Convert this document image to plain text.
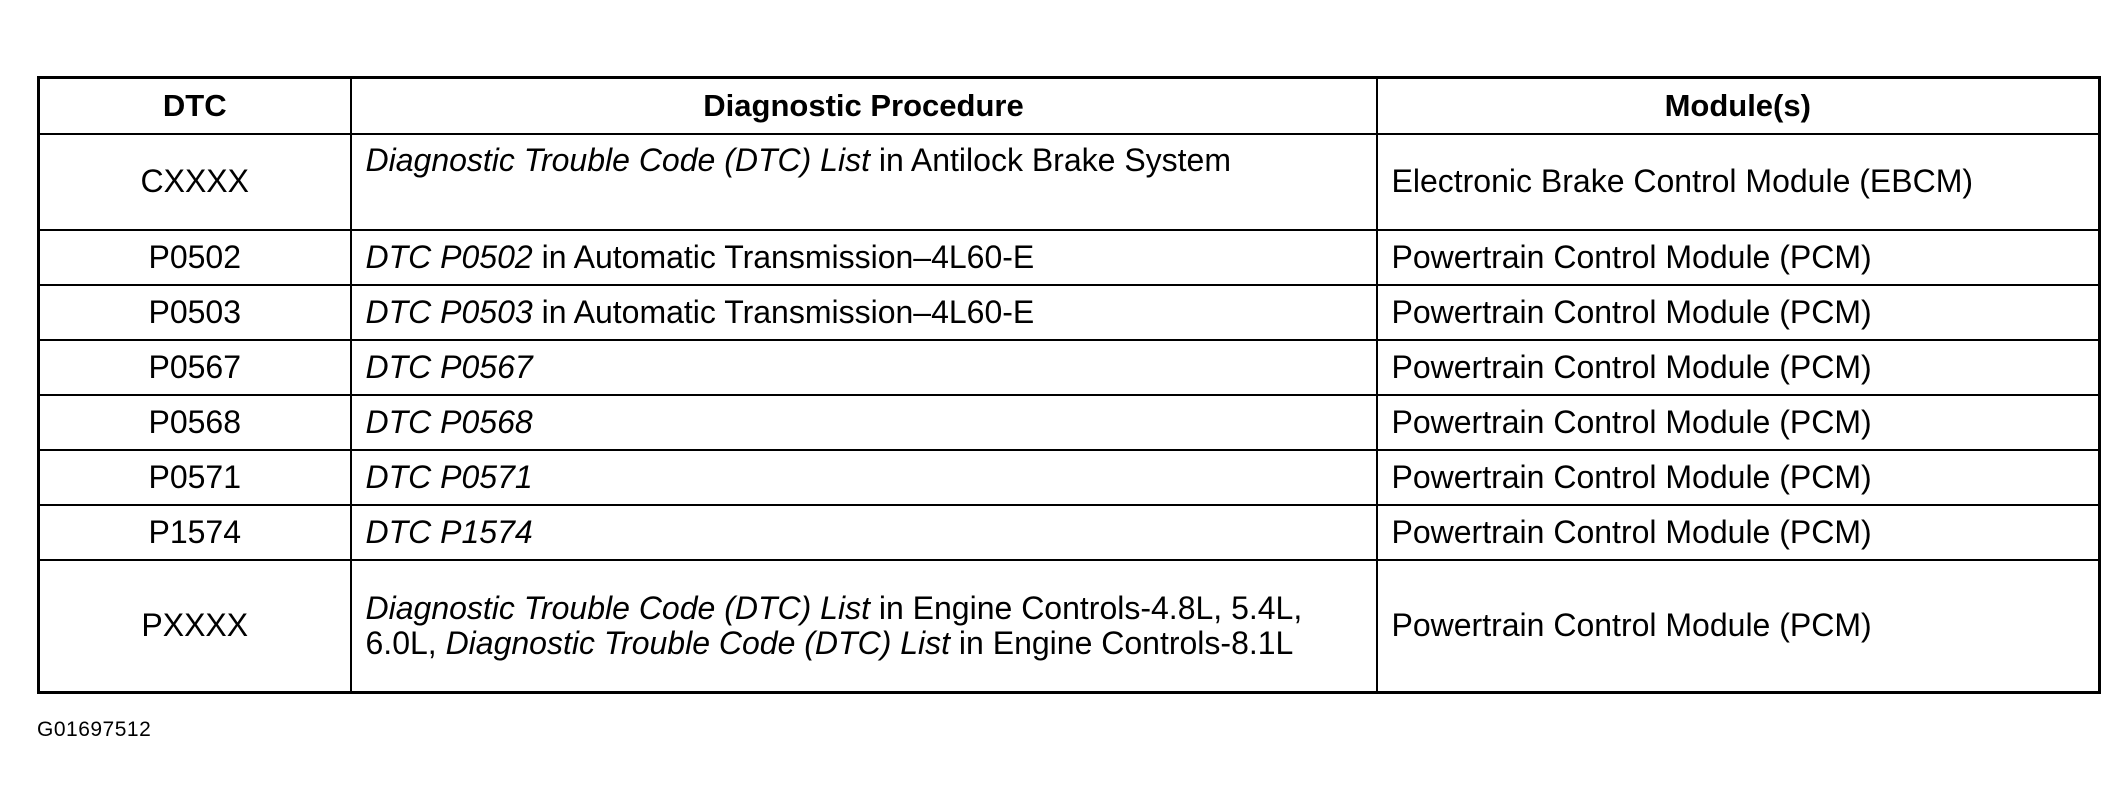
DTC	Diagnostic Procedure	Module(s)
CXXXX	Diagnostic Trouble Code (DTC) List in Antilock Brake System	Electronic Brake Control Module (EBCM)
P0502	DTC P0502 in Automatic Transmission–4L60-E	Powertrain Control Module (PCM)
P0503	DTC P0503 in Automatic Transmission–4L60-E	Powertrain Control Module (PCM)
P0567	DTC P0567	Powertrain Control Module (PCM)
P0568	DTC P0568	Powertrain Control Module (PCM)
P0571	DTC P0571	Powertrain Control Module (PCM)
P1574	DTC P1574	Powertrain Control Module (PCM)
PXXXX	Diagnostic Trouble Code (DTC) List in Engine Controls-4.8L, 5.4L, 6.0L, Diagnostic Trouble Code (DTC) List in Engine Controls-8.1L	Powertrain Control Module (PCM)
G01697512
